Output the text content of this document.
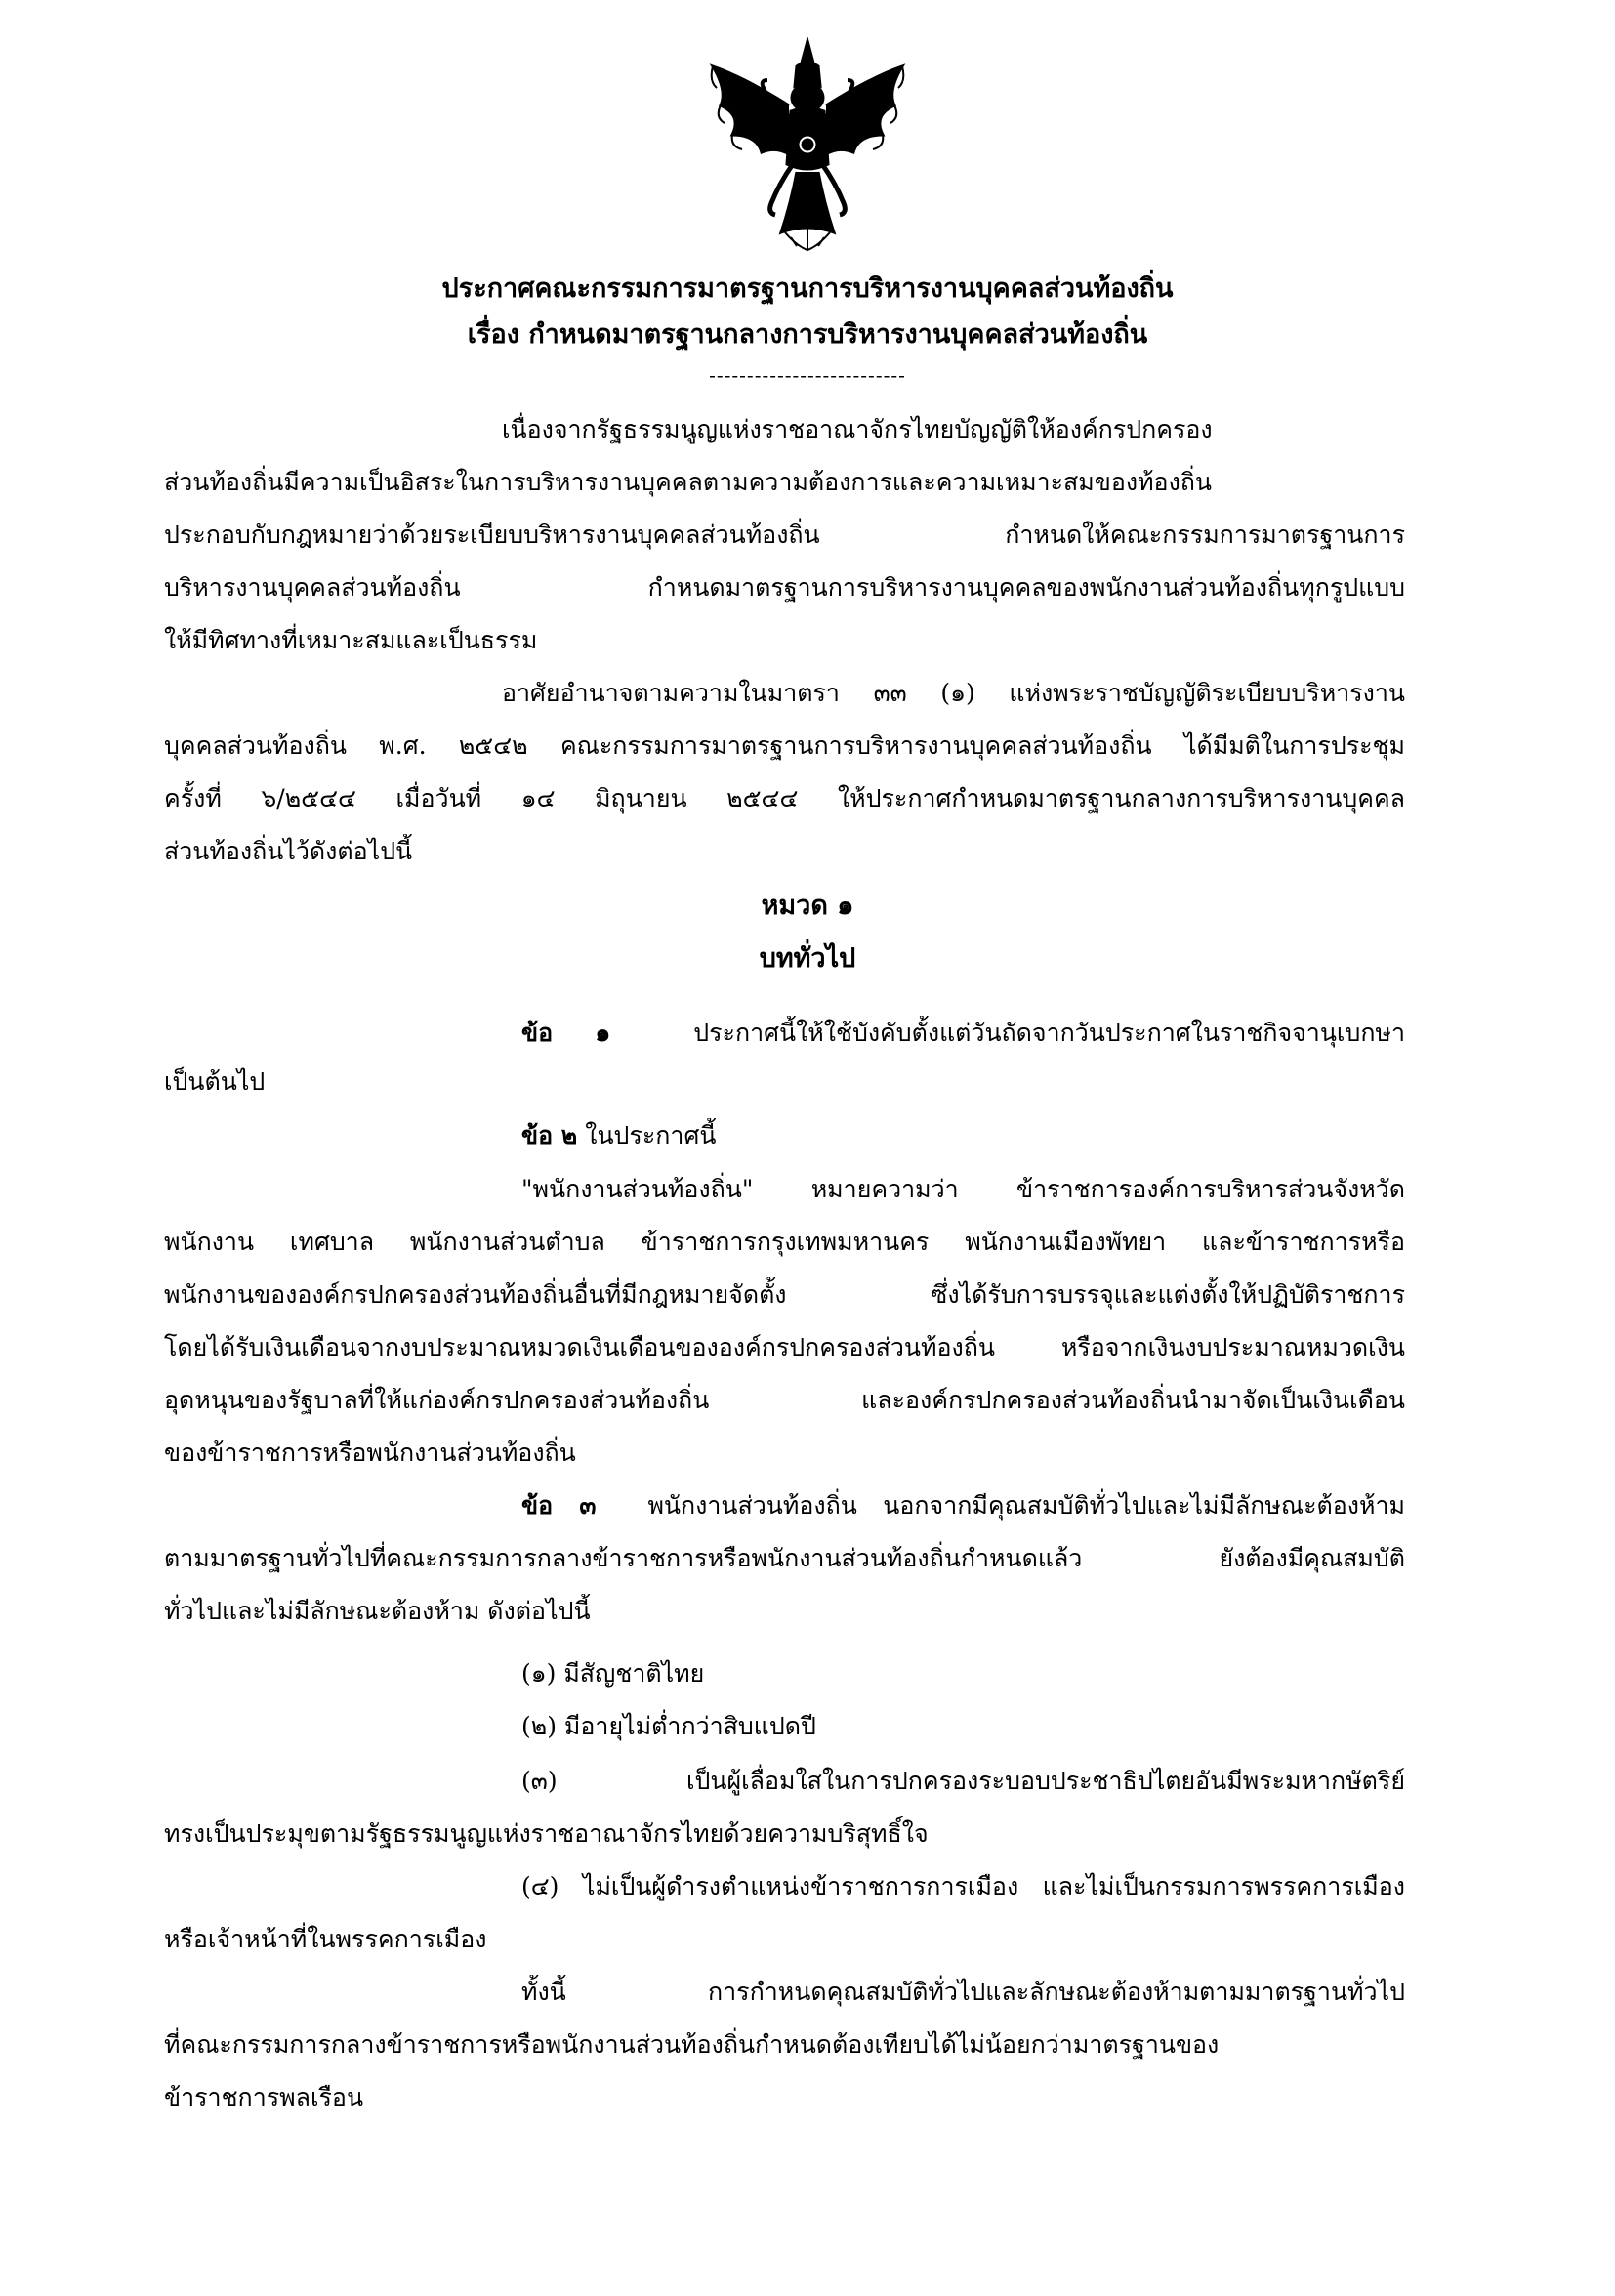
ประกาศคณะกรรมการมาตรฐานการบริหารงานบุคคลส่วนท้องถิ่น
เรื่อง กำหนดมาตรฐานกลางการบริหารงานบุคคลส่วนท้องถิ่น
--------------------------
เนื่องจากรัฐธรรมนูญแห่งราชอาณาจักรไทยบัญญัติให้องค์กรปกครอง
ส่วนท้องถิ่นมีความเป็นอิสระในการบริหารงานบุคคลตามความต้องการและความเหมาะสมของท้องถิ่น
ประกอบกับกฎหมายว่าด้วยระเบียบบริหารงานบุคคลส่วนท้องถิ่น กำหนดให้คณะกรรมการมาตรฐานการ
บริหารงานบุคคลส่วนท้องถิ่น กำหนดมาตรฐานการบริหารงานบุคคลของพนักงานส่วนท้องถิ่นทุกรูปแบบ
ให้มีทิศทางที่เหมาะสมและเป็นธรรม
อาศัยอำนาจตามความในมาตรา ๓๓ (๑) แห่งพระราชบัญญัติระเบียบบริหารงาน
บุคคลส่วนท้องถิ่น พ.ศ. ๒๕๔๒ คณะกรรมการมาตรฐานการบริหารงานบุคคลส่วนท้องถิ่น ได้มีมติในการประชุม
ครั้งที่ ๖/๒๕๔๔ เมื่อวันที่ ๑๔ มิถุนายน ๒๕๔๔ ให้ประกาศกำหนดมาตรฐานกลางการบริหารงานบุคคล
ส่วนท้องถิ่นไว้ดังต่อไปนี้
หมวด ๑
บททั่วไป
ข้อ ๑	ประกาศนี้ให้ใช้บังคับตั้งแต่วันถัดจากวันประกาศในราชกิจจานุเบกษา
เป็นต้นไป
ข้อ ๒ ในประกาศนี้
"พนักงานส่วนท้องถิ่น" หมายความว่า ข้าราชการองค์การบริหารส่วนจังหวัด
พนักงาน เทศบาล พนักงานส่วนตำบล ข้าราชการกรุงเทพมหานคร พนักงานเมืองพัทยา และข้าราชการหรือ
พนักงานขององค์กรปกครองส่วนท้องถิ่นอื่นที่มีกฎหมายจัดตั้ง ซึ่งได้รับการบรรจุและแต่งตั้งให้ปฏิบัติราชการ
โดยได้รับเงินเดือนจากงบประมาณหมวดเงินเดือนขององค์กรปกครองส่วนท้องถิ่น หรือจากเงินงบประมาณหมวดเงิน
อุดหนุนของรัฐบาลที่ให้แก่องค์กรปกครองส่วนท้องถิ่น และองค์กรปกครองส่วนท้องถิ่นนำมาจัดเป็นเงินเดือน
ของข้าราชการหรือพนักงานส่วนท้องถิ่น
ข้อ ๓ พนักงานส่วนท้องถิ่น นอกจากมีคุณสมบัติทั่วไปและไม่มีลักษณะต้องห้าม
ตามมาตรฐานทั่วไปที่คณะกรรมการกลางข้าราชการหรือพนักงานส่วนท้องถิ่นกำหนดแล้ว ยังต้องมีคุณสมบัติ
ทั่วไปและไม่มีลักษณะต้องห้าม ดังต่อไปนี้
(๑) มีสัญชาติไทย
(๒) มีอายุไม่ต่ำกว่าสิบแปดปี
(๓) เป็นผู้เลื่อมใสในการปกครองระบอบประชาธิปไตยอันมีพระมหากษัตริย์
ทรงเป็นประมุขตามรัฐธรรมนูญแห่งราชอาณาจักรไทยด้วยความบริสุทธิ์ใจ
(๔) ไม่เป็นผู้ดำรงตำแหน่งข้าราชการการเมือง และไม่เป็นกรรมการพรรคการเมือง
หรือเจ้าหน้าที่ในพรรคการเมือง
ทั้งนี้ การกำหนดคุณสมบัติทั่วไปและลักษณะต้องห้ามตามมาตรฐานทั่วไป
ที่คณะกรรมการกลางข้าราชการหรือพนักงานส่วนท้องถิ่นกำหนดต้องเทียบได้ไม่น้อยกว่ามาตรฐานของ
ข้าราชการพลเรือน
